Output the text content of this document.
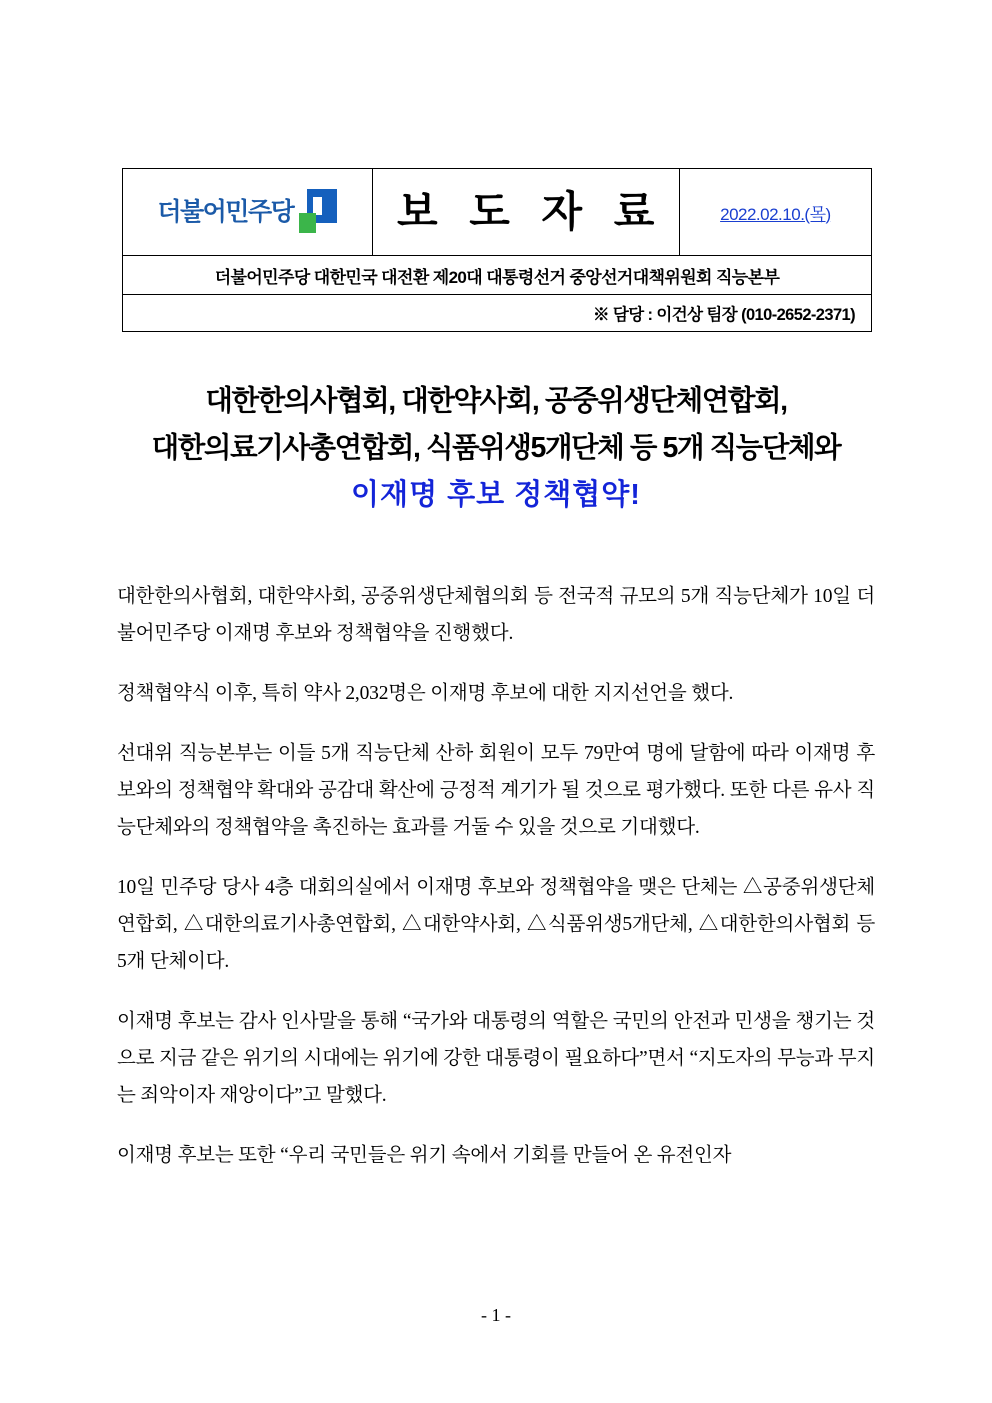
더불어민주당	보 도 자 료	2022.02.10.(목)

더불어민주당 대한민국 대전환 제20대 대통령선거 중앙선거대책위원회 직능본부
※ 담당 : 이건상 팀장 (010-2652-2371)
대한한의사협회, 대한약사회, 공중위생단체연합회,
대한의료기사총연합회, 식품위생5개단체 등 5개 직능단체와
이재명 후보 정책협약!

대한한의사협회, 대한약사회, 공중위생단체협의회 등 전국적 규모의 5개 직능단체가 10일 더불어민주당 이재명 후보와 정책협약을 진행했다.

정책협약식 이후, 특히 약사 2,032명은 이재명 후보에 대한 지지선언을 했다.

선대위 직능본부는 이들 5개 직능단체 산하 회원이 모두 79만여 명에 달함에 따라 이재명 후보와의 정책협약 확대와 공감대 확산에 긍정적 계기가 될 것으로 평가했다. 또한 다른 유사 직능단체와의 정책협약을 촉진하는 효과를 거둘 수 있을 것으로 기대했다.

10일 민주당 당사 4층 대회의실에서 이재명 후보와 정책협약을 맺은 단체는 △공중위생단체연합회, △대한의료기사총연합회, △대한약사회, △식품위생5개단체, △대한한의사협회 등 5개 단체이다.

이재명 후보는 감사 인사말을 통해 “국가와 대통령의 역할은 국민의 안전과 민생을 챙기는 것으로 지금 같은 위기의 시대에는 위기에 강한 대통령이 필요하다”면서 “지도자의 무능과 무지는 죄악이자 재앙이다”고 말했다.

이재명 후보는 또한 “우리 국민들은 위기 속에서 기회를 만들어 온 유전인자

- 1 -
